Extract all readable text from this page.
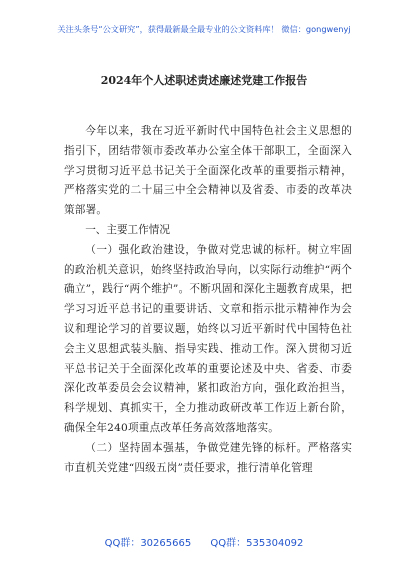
关注头条号“公文研究”，获得最新最全最专业的公文资料库！ 微信：gongwenyj
2024年个人述职述责述廉述党建工作报告

今年以来，我在习近平新时代中国特色社会主义思想的指引下，团结带领市委改革办公室全体干部职工，全面深入学习贯彻习近平总书记关于全面深化改革的重要指示精神，严格落实党的二十届三中全会精神以及省委、市委的改革决策部署。

一、主要工作情况

（一）强化政治建设，争做对党忠诚的标杆。树立牢固的政治机关意识，始终坚持政治导向，以实际行动维护“两个确立”，践行“两个维护”。不断巩固和深化主题教育成果，把学习习近平总书记的重要讲话、文章和指示批示精神作为会议和理论学习的首要议题，始终以习近平新时代中国特色社会主义思想武装头脑、指导实践、推动工作。深入贯彻习近平总书记关于全面深化改革的重要论述及中央、省委、市委深化改革委员会会议精神，紧扣政治方向，强化政治担当，科学规划、真抓实干，全力推动政研改革工作迈上新台阶，确保全年240项重点改革任务高效落地落实。

（二）坚持固本强基，争做党建先锋的标杆。严格落实市直机关党建“四级五岗”责任要求，推行清单化管理

QQ群：30265665 QQ群：535304092
